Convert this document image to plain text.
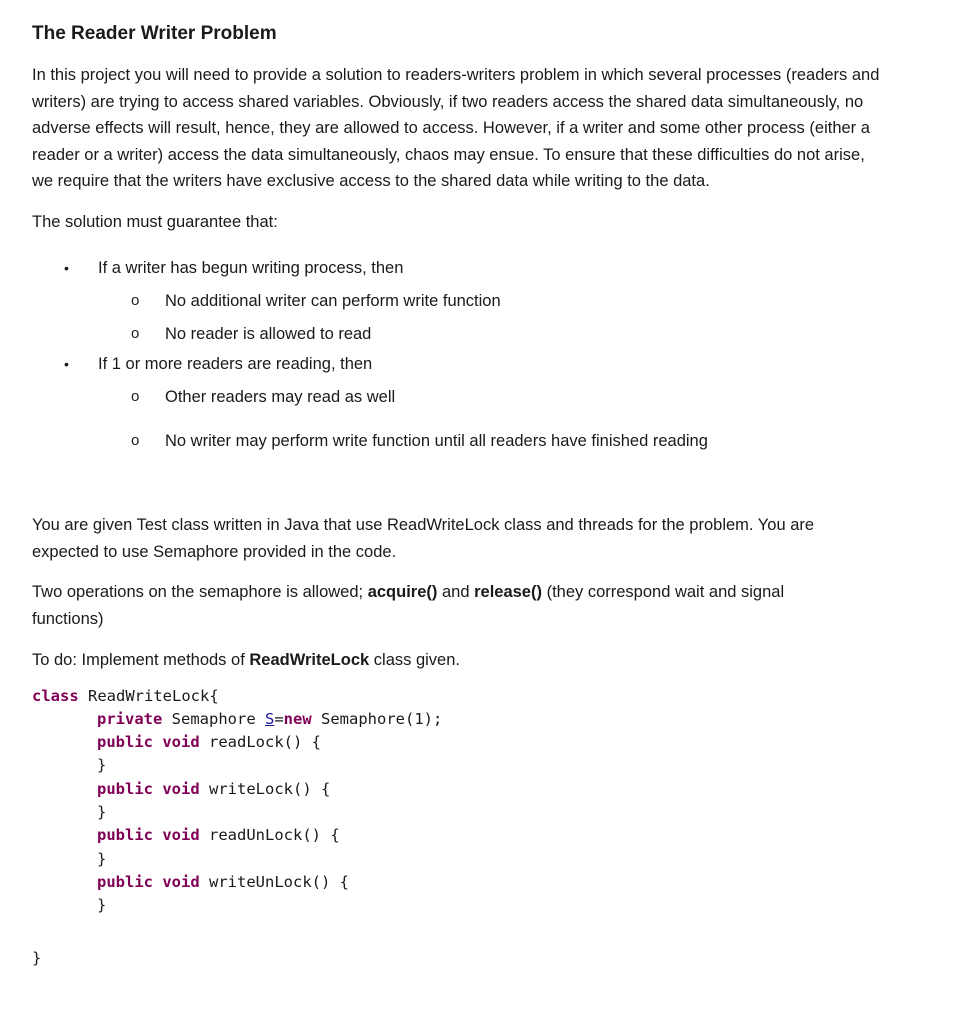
The Reader Writer Problem

In this project you will need to provide a solution to readers-writers problem in which several processes (readers and writers) are trying to access shared variables. Obviously, if two readers access the shared data simultaneously, no adverse effects will result, hence, they are allowed to access. However, if a writer and some other process (either a reader or a writer) access the data simultaneously, chaos may ensue. To ensure that these difficulties do not arise, we require that the writers have exclusive access to the shared data while writing to the data.

The solution must guarantee that:

• If a writer has begun writing process, then
o No additional writer can perform write function
o No reader is allowed to read
• If 1 or more readers are reading, then
o Other readers may read as well
o No writer may perform write function until all readers have finished reading

You are given Test class written in Java that use ReadWriteLock class and threads for the problem. You are expected to use Semaphore provided in the code.

Two operations on the semaphore is allowed; acquire() and release() (they correspond wait and signal functions)

To do: Implement methods of ReadWriteLock class given.

class ReadWriteLock{
private Semaphore S=new Semaphore(1);
public void readLock() {
}
public void writeLock() {
}
public void readUnLock() {
}
public void writeUnLock() {
}
}
